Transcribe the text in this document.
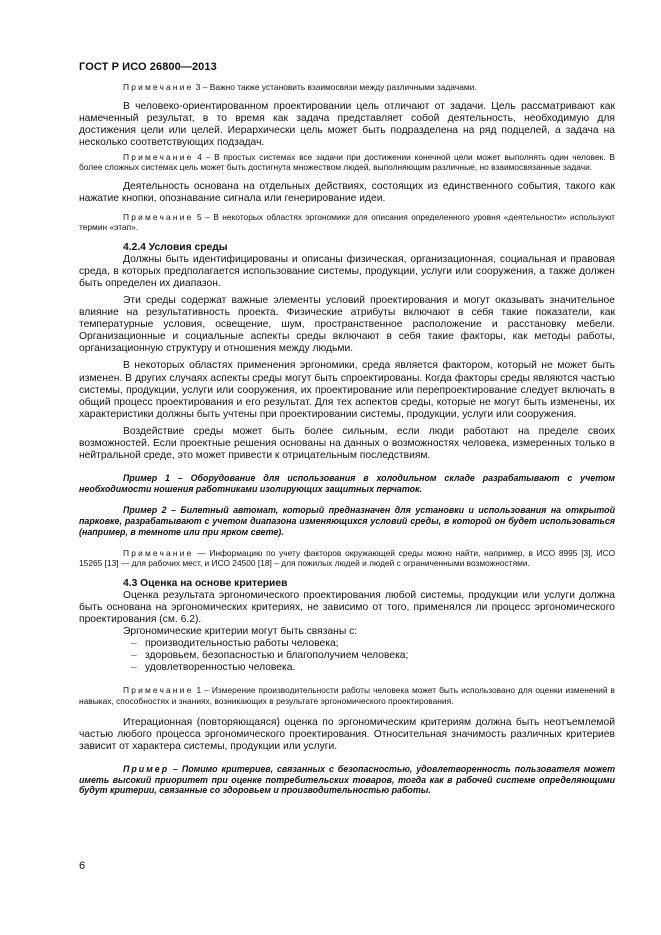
ГОСТ Р ИСО 26800—2013

Примечание 3 – Важно также установить взаимосвязи между различными задачами.

В человеко-ориентированном проектировании цель отличают от задачи. Цель рассматривают как намеченный результат, в то время как задача представляет собой деятельность, необходимую для достижения цели или целей. Иерархически цель может быть подразделена на ряд подцелей, а задача на несколько соответствующих подзадач.

Примечание 4 – В простых системах все задачи при достижении конечной цели может выполнять один человек. В более сложных системах цель может быть достигнута множеством людей, выполняющим различные, но взаимосвязанные задачи.

Деятельность основана на отдельных действиях, состоящих из единственного события, такого как нажатие кнопки, опознавание сигнала или генерирование идеи.

Примечание 5 – В некоторых областях эргономики для описания определенного уровня «деятельности» используют термин «этап».

4.2.4 Условия среды

Должны быть идентифицированы и описаны физическая, организационная, социальная и правовая среда, в которых предполагается использование системы, продукции, услуги или сооружения, а также должен быть определен их диапазон.

Эти среды содержат важные элементы условий проектирования и могут оказывать значительное влияние на результативность проекта. Физические атрибуты включают в себя такие показатели, как температурные условия, освещение, шум, пространственное расположение и расстановку мебели. Организационные и социальные аспекты среды включают в себя такие факторы, как методы работы, организационную структуру и отношения между людьми.

В некоторых областях применения эргономики, среда является фактором, который не может быть изменен. В других случаях аспекты среды могут быть спроектированы. Когда факторы среды являются частью системы, продукции, услуги или сооружения, их проектирование или перепроектирование следует включать в общий процесс проектирования и его результат. Для тех аспектов среды, которые не могут быть изменены, их характеристики должны быть учтены при проектировании системы, продукции, услуги или сооружения.

Воздействие среды может быть более сильным, если люди работают на пределе своих возможностей. Если проектные решения основаны на данных о возможностях человека, измеренных только в нейтральной среде, это может привести к отрицательным последствиям.

Пример 1 – Оборудование для использования в холодильном складе разрабатывают с учетом необходимости ношения работниками изолирующих защитных перчаток.

Пример 2 – Билетный автомат, который предназначен для установки и использования на открытой парковке, разрабатывают с учетом диапазона изменяющихся условий среды, в которой он будет использоваться (например, в темноте или при ярком свете).

Примечание — Информацию по учету факторов окружающей среды можно найти, например, в ИСО 8995 [3], ИСО 15265 [13] — для рабочих мест, и ИСО 24500 [18] – для пожилых людей и людей с ограниченными возможностями.

4.3 Оценка на основе критериев

Оценка результата эргономического проектирования любой системы, продукции или услуги должна быть основана на эргономических критериях, не зависимо от того, применялся ли процесс эргономического проектирования (см. 6.2).

Эргономические критерии могут быть связаны с:

– производительностью работы человека;
– здоровьем, безопасностью и благополучием человека;
– удовлетворенностью человека.

Примечание 1 – Измерение производительности работы человека может быть использовано для оценки изменений в навыках, способностях и знаниях, возникающих в результате эргономического проектирования.

Итерационная (повторяющаяся) оценка по эргономическим критериям должна быть неотъемлемой частью любого процесса эргономического проектирования. Относительная значимость различных критериев зависит от характера системы, продукции или услуги.

Пример – Помимо критериев, связанных с безопасностью, удовлетворенность пользователя может иметь высокий приоритет при оценке потребительских товаров, тогда как в рабочей системе определяющими будут критерии, связанные со здоровьем и производительностью работы.

6
